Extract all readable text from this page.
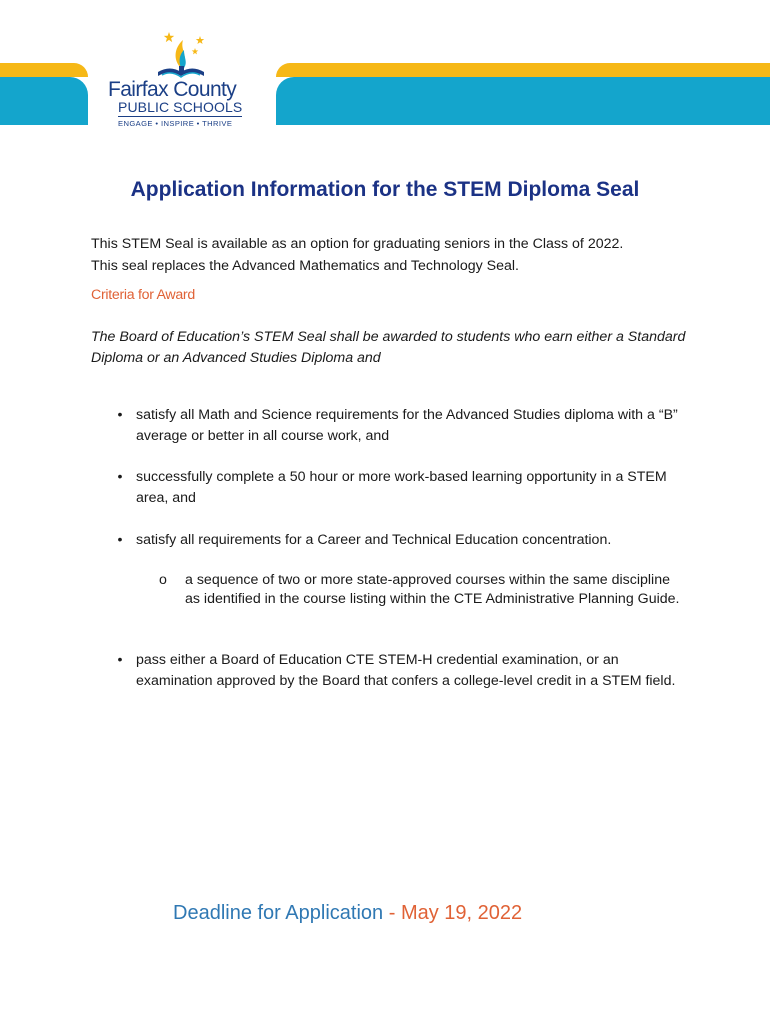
Fairfax County
PUBLIC SCHOOLS
ENGAGE • INSPIRE • THRIVE
Application Information for the STEM Diploma Seal

This STEM Seal is available as an option for graduating seniors in the Class of 2022.

This seal replaces the Advanced Mathematics and Technology Seal.

Criteria for Award
The Board of Education’s STEM Seal shall be awarded to students who earn either a Standard Diploma or an Advanced Studies Diploma and
• satisfy all Math and Science requirements for the Advanced Studies diploma with a “B” average or better in all course work, and
• successfully complete a 50 hour or more work-based learning opportunity in a STEM area, and
• satisfy all requirements for a Career and Technical Education concentration.
o a sequence of two or more state-approved courses within the same discipline as identified in the course listing within the CTE Administrative Planning Guide.
• pass either a Board of Education CTE STEM-H credential examination, or an examination approved by the Board that confers a college-level credit in a STEM field.
Deadline for Application - May 19, 2022
